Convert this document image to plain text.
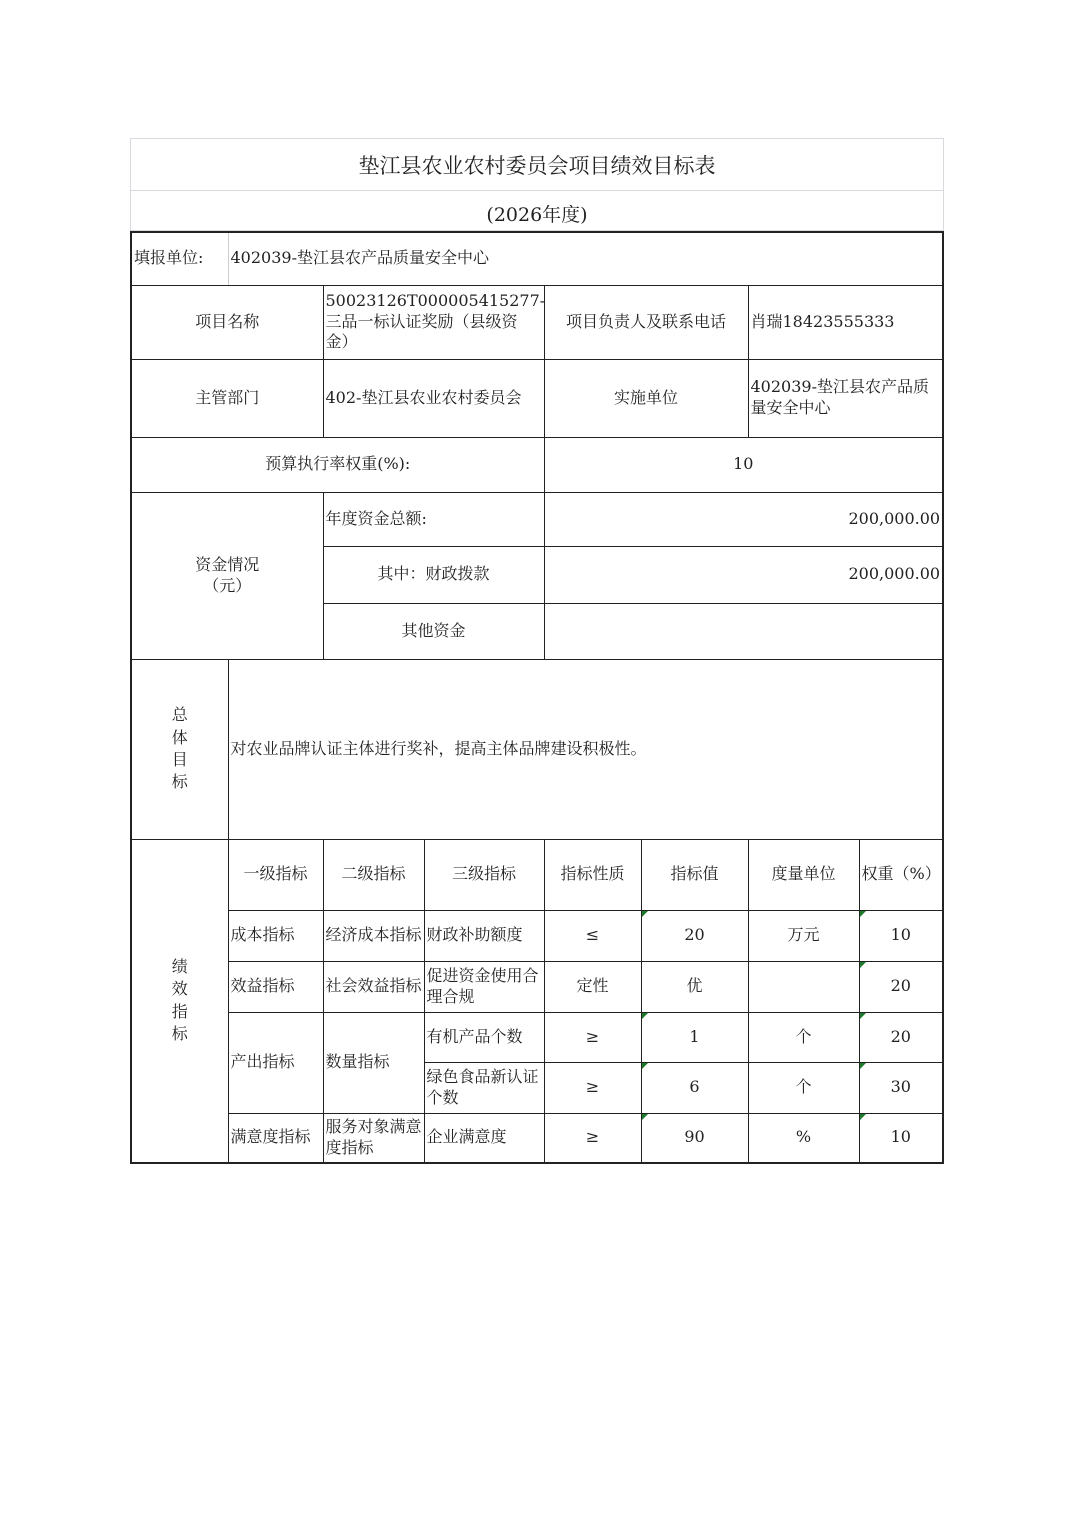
垫江县农业农村委员会项目绩效目标表
(2026年度)
填报单位:	402039-垫江县农产品质量安全中心						
项目名称		50023126T000005415277-三品一标认证奖励（县级资金）		项目负责人及联系电话		肖瑞18423555333	
主管部门		402-垫江县农业农村委员会		实施单位		402039-垫江县农产品质量安全中心	
预算执行率权重(%):				10			

资金情况
（元）		年度资金总额:		200,000.00			
		其中：财政拨款		200,000.00			
		其他资金					

总
体
目
标	对农业品牌认证主体进行奖补，提高主体品牌建设积极性。						

绩
效
指
标	一级指标	二级指标	三级指标	指标性质	指标值	度量单位	权重（%）
	成本指标	经济成本指标	财政补助额度	≤	20	万元	10
	效益指标	社会效益指标	促进资金使用合理合规	定性	优		20
	产出指标	数量指标	有机产品个数	≥	1	个	20
			绿色食品新认证个数	≥	6	个	30
	满意度指标	服务对象满意度指标	企业满意度	≥	90	%	10
